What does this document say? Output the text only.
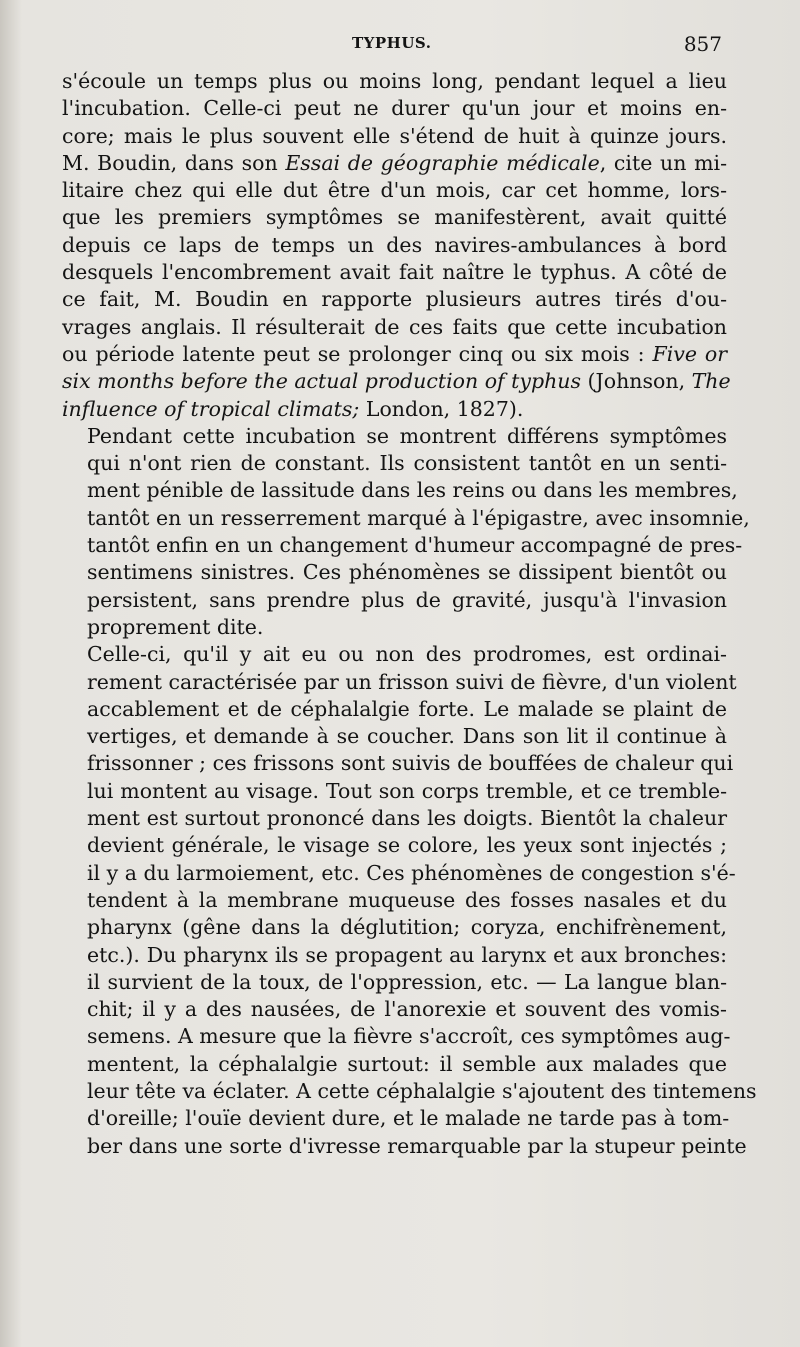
TYPHUS.	857
s'écoule un temps plus ou moins long, pendant lequel a lieu
l'incubation. Celle-ci peut ne durer qu'un jour et moins en-
core; mais le plus souvent elle s'étend de huit à quinze jours.
M. Boudin, dans son Essai de géographie médicale, cite un mi-
litaire chez qui elle dut être d'un mois, car cet homme, lors-
que les premiers symptômes se manifestèrent, avait quitté
depuis ce laps de temps un des navires-ambulances à bord
desquels l'encombrement avait fait naître le typhus. A côté de
ce fait, M. Boudin en rapporte plusieurs autres tirés d'ou-
vrages anglais. Il résulterait de ces faits que cette incubation
ou période latente peut se prolonger cinq ou six mois : Five or
six months before the actual production of typhus (Johnson, The
influence of tropical climats; London, 1827).
Pendant cette incubation se montrent différens symptômes
qui n'ont rien de constant. Ils consistent tantôt en un senti-
ment pénible de lassitude dans les reins ou dans les membres,
tantôt en un resserrement marqué à l'épigastre, avec insomnie,
tantôt enfin en un changement d'humeur accompagné de pres-
sentimens sinistres. Ces phénomènes se dissipent bientôt ou
persistent, sans prendre plus de gravité, jusqu'à l'invasion
proprement dite.
Celle-ci, qu'il y ait eu ou non des prodromes, est ordinai-
rement caractérisée par un frisson suivi de fièvre, d'un violent
accablement et de céphalalgie forte. Le malade se plaint de
vertiges, et demande à se coucher. Dans son lit il continue à
frissonner ; ces frissons sont suivis de bouffées de chaleur qui
lui montent au visage. Tout son corps tremble, et ce tremble-
ment est surtout prononcé dans les doigts. Bientôt la chaleur
devient générale, le visage se colore, les yeux sont injectés ;
il y a du larmoiement, etc. Ces phénomènes de congestion s'é-
tendent à la membrane muqueuse des fosses nasales et du
pharynx (gêne dans la déglutition; coryza, enchifrènement,
etc.). Du pharynx ils se propagent au larynx et aux bronches:
il survient de la toux, de l'oppression, etc. — La langue blan-
chit; il y a des nausées, de l'anorexie et souvent des vomis-
semens. A mesure que la fièvre s'accroît, ces symptômes aug-
mentent, la céphalalgie surtout: il semble aux malades que
leur tête va éclater. A cette céphalalgie s'ajoutent des tintemens
d'oreille; l'ouïe devient dure, et le malade ne tarde pas à tom-
ber dans une sorte d'ivresse remarquable par la stupeur peinte
